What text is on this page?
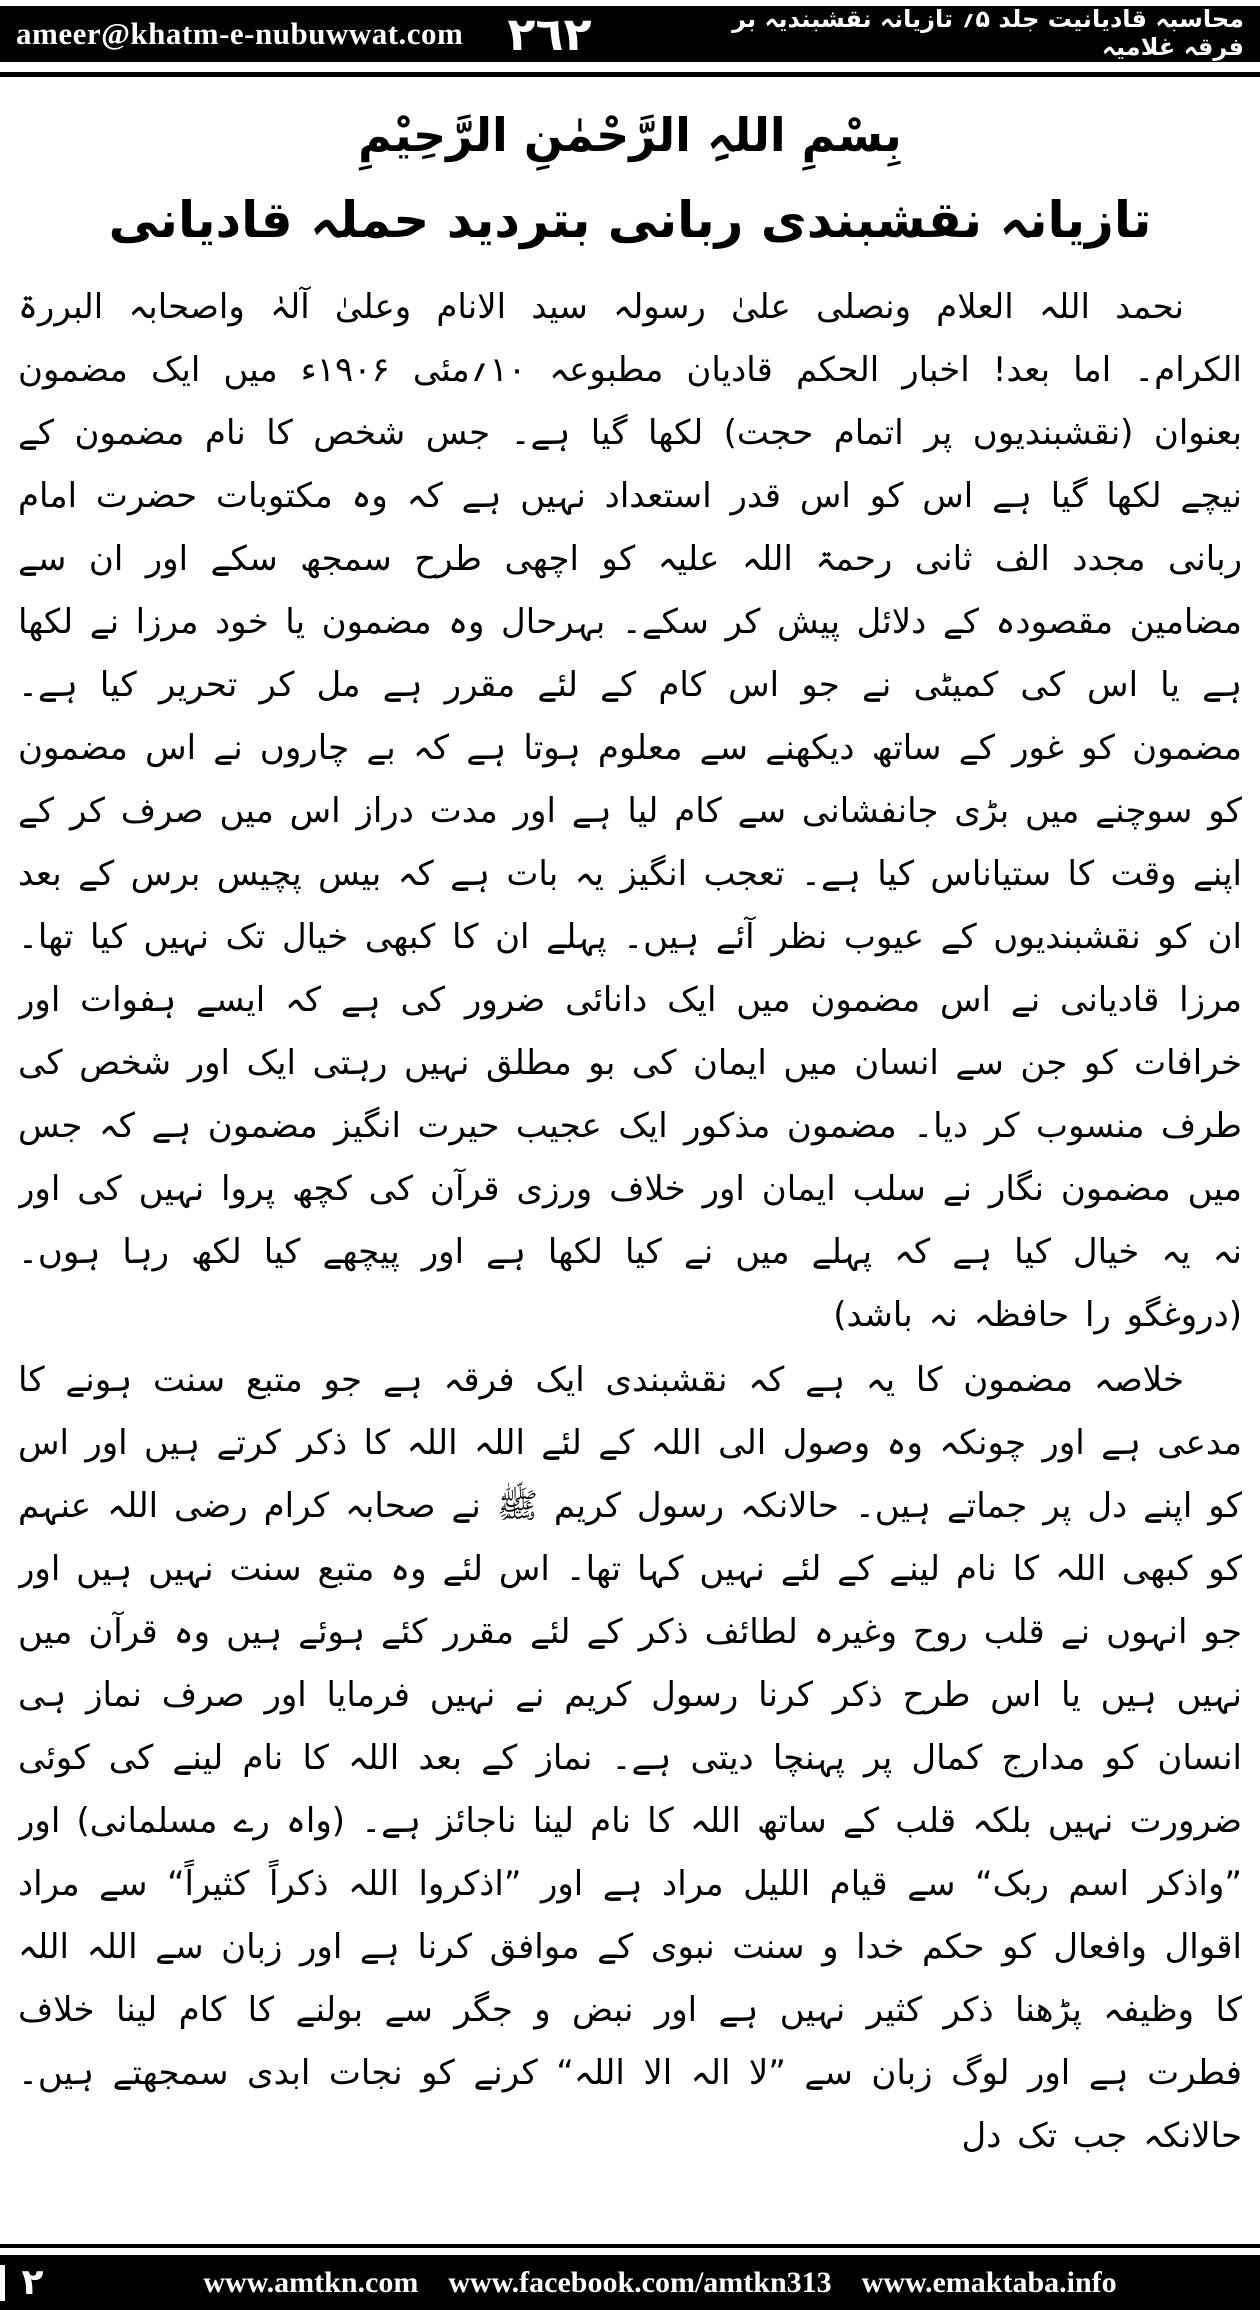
ameer@khatm-e-nubuwwat.com ٢٦٢	محاسبہ قادیانیت جلد ۵؍ تازیانہ نقشبندیہ بر فرقہ غلامیہ
بِسْمِ اللہِ الرَّحْمٰنِ الرَّحِیْمِ
تازیانہ نقشبندی ربانی بتردید حملہ قادیانی

نحمد اللہ العلام ونصلی علیٰ رسولہ سید الانام وعلیٰ آلہٰ واصحابہ البررۃ الکرام۔ اما بعد! اخبار الحکم قادیان مطبوعہ ۱۰؍مئی ۱۹۰۶ء میں ایک مضمون بعنوان (نقشبندیوں پر اتمام حجت) لکھا گیا ہے۔ جس شخص کا نام مضمون کے نیچے لکھا گیا ہے اس کو اس قدر استعداد نہیں ہے کہ وہ مکتوبات حضرت امام ربانی مجدد الف ثانی رحمۃ اللہ علیہ کو اچھی طرح سمجھ سکے اور ان سے مضامین مقصودہ کے دلائل پیش کر سکے۔ بہرحال وہ مضمون یا خود مرزا نے لکھا ہے یا اس کی کمیٹی نے جو اس کام کے لئے مقرر ہے مل کر تحریر کیا ہے۔ مضمون کو غور کے ساتھ دیکھنے سے معلوم ہوتا ہے کہ بے چاروں نے اس مضمون کو سوچنے میں بڑی جانفشانی سے کام لیا ہے اور مدت دراز اس میں صرف کر کے اپنے وقت کا ستیاناس کیا ہے۔ تعجب انگیز یہ بات ہے کہ بیس پچیس برس کے بعد ان کو نقشبندیوں کے عیوب نظر آئے ہیں۔ پہلے ان کا کبھی خیال تک نہیں کیا تھا۔ مرزا قادیانی نے اس مضمون میں ایک دانائی ضرور کی ہے کہ ایسے ہفوات اور خرافات کو جن سے انسان میں ایمان کی بو مطلق نہیں رہتی ایک اور شخص کی طرف منسوب کر دیا۔ مضمون مذکور ایک عجیب حیرت انگیز مضمون ہے کہ جس میں مضمون نگار نے سلب ایمان اور خلاف ورزی قرآن کی کچھ پروا نہیں کی اور نہ یہ خیال کیا ہے کہ پہلے میں نے کیا لکھا ہے اور پیچھے کیا لکھ رہا ہوں۔ (دروغگو را حافظہ نہ باشد)

خلاصہ مضمون کا یہ ہے کہ نقشبندی ایک فرقہ ہے جو متبع سنت ہونے کا مدعی ہے اور چونکہ وہ وصول الی اللہ کے لئے اللہ اللہ کا ذکر کرتے ہیں اور اس کو اپنے دل پر جماتے ہیں۔ حالانکہ رسول کریم ﷺ نے صحابہ کرام رضی اللہ عنہم کو کبھی اللہ کا نام لینے کے لئے نہیں کہا تھا۔ اس لئے وہ متبع سنت نہیں ہیں اور جو انہوں نے قلب روح وغیرہ لطائف ذکر کے لئے مقرر کئے ہوئے ہیں وہ قرآن میں نہیں ہیں یا اس طرح ذکر کرنا رسول کریم نے نہیں فرمایا اور صرف نماز ہی انسان کو مدارج کمال پر پہنچا دیتی ہے۔ نماز کے بعد اللہ کا نام لینے کی کوئی ضرورت نہیں بلکہ قلب کے ساتھ اللہ کا نام لینا ناجائز ہے۔ (واہ رے مسلمانی) اور ”واذکر اسم ربک“ سے قیام اللیل مراد ہے اور ”اذکروا اللہ ذکراً کثیراً“ سے مراد اقوال وافعال کو حکم خدا و سنت نبوی کے موافق کرنا ہے اور زبان سے اللہ اللہ کا وظیفہ پڑھنا ذکر کثیر نہیں ہے اور نبض و جگر سے بولنے کا کام لینا خلاف فطرت ہے اور لوگ زبان سے ”لا الہ الا اللہ“ کرنے کو نجات ابدی سمجھتے ہیں۔ حالانکہ جب تک دل

٢	www.amtkn.com www.facebook.com/amtkn313 www.emaktaba.info
